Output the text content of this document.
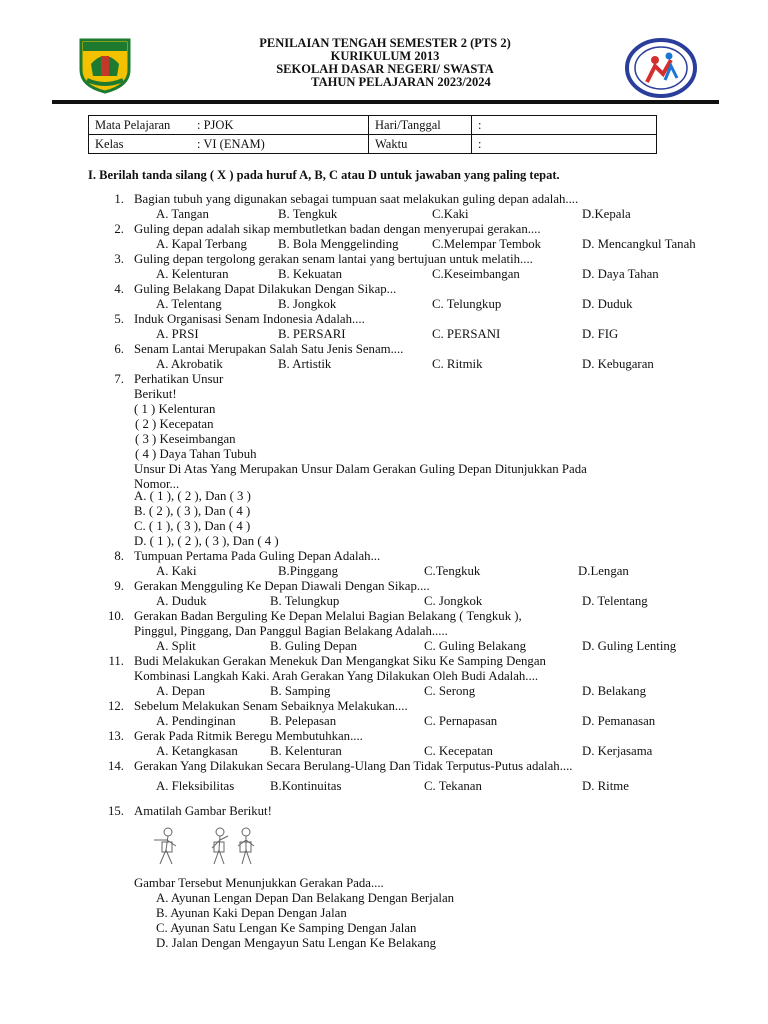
PENILAIAN TENGAH SEMESTER 2 (PTS 2)
KURIKULUM 2013
SEKOLAH DASAR NEGERI/ SWASTA
TAHUN PELAJARAN 2023/2024
Mata Pelajaran : PJOK	Hari/Tanggal	:
Kelas : VI (ENAM)	Waktu	:
I. Berilah tanda silang ( X ) pada huruf A, B, C atau D untuk jawaban yang paling tepat.
1. Bagian tubuh yang digunakan sebagai tumpuan saat melakukan guling depan adalah....
A. Tangan	B. Tengkuk	C.Kaki	D.Kepala
2. Guling depan adalah sikap membutletkan badan dengan menyerupai gerakan....
A. Kapal Terbang B. Bola Menggelinding	C.Melempar Tembok	D. Mencangkul Tanah
3. Guling depan tergolong gerakan senam lantai yang bertujuan untuk melatih....
A. Kelenturan	B. Kekuatan	C.Keseimbangan	D. Daya Tahan
4. Guling Belakang Dapat Dilakukan Dengan Sikap...
A. Telentang	B. Jongkok	C. Telungkup	D. Duduk
5. Induk Organisasi Senam Indonesia Adalah....
A. PRSI	B. PERSARI	C. PERSANI	D. FIG
6. Senam Lantai Merupakan Salah Satu Jenis Senam....
A. Akrobatik	B. Artistik	C. Ritmik	D. Kebugaran
7. Perhatikan Unsur
Berikut!
( 1 ) Kelenturan
( 2 ) Kecepatan
( 3 ) Keseimbangan
( 4 ) Daya Tahan Tubuh
Unsur Di Atas Yang Merupakan Unsur Dalam Gerakan Guling Depan Ditunjukkan Pada
Nomor...
A. ( 1 ), ( 2 ), Dan ( 3 )
B. ( 2 ), ( 3 ), Dan ( 4 )
C. ( 1 ), ( 3 ), Dan ( 4 )
D. ( 1 ), ( 2 ), ( 3 ), Dan ( 4 )
8. Tumpuan Pertama Pada Guling Depan Adalah...
A. Kaki	B.Pinggang	C.Tengkuk	D.Lengan
9. Gerakan Mengguling Ke Depan Diawali Dengan Sikap....
A. Duduk	B. Telungkup	C. Jongkok	D. Telentang
10. Gerakan Badan Berguling Ke Depan Melalui Bagian Belakang ( Tengkuk ),
Pinggul, Pinggang, Dan Panggul Bagian Belakang Adalah.....
A. Split	B. Guling Depan	C. Guling Belakang	D. Guling Lenting
11. Budi Melakukan Gerakan Menekuk Dan Mengangkat Siku Ke Samping Dengan
Kombinasi Langkah Kaki. Arah Gerakan Yang Dilakukan Oleh Budi Adalah....
A. Depan	B. Samping	C. Serong	D. Belakang
12. Sebelum Melakukan Senam Sebaiknya Melakukan....
A. Pendinginan	B. Pelepasan	C. Pernapasan	D. Pemanasan
13. Gerak Pada Ritmik Beregu Membutuhkan....
A. Ketangkasan	B. Kelenturan	C. Kecepatan	D. Kerjasama
14. Gerakan Yang Dilakukan Secara Berulang-Ulang Dan Tidak Terputus-Putus adalah....
A. Fleksibilitas	B.Kontinuitas	C. Tekanan	D. Ritme
15. Amatilah Gambar Berikut!
Gambar Tersebut Menunjukkan Gerakan Pada....
A. Ayunan Lengan Depan Dan Belakang Dengan Berjalan
B. Ayunan Kaki Depan Dengan Jalan
C. Ayunan Satu Lengan Ke Samping Dengan Jalan
D. Jalan Dengan Mengayun Satu Lengan Ke Belakang
